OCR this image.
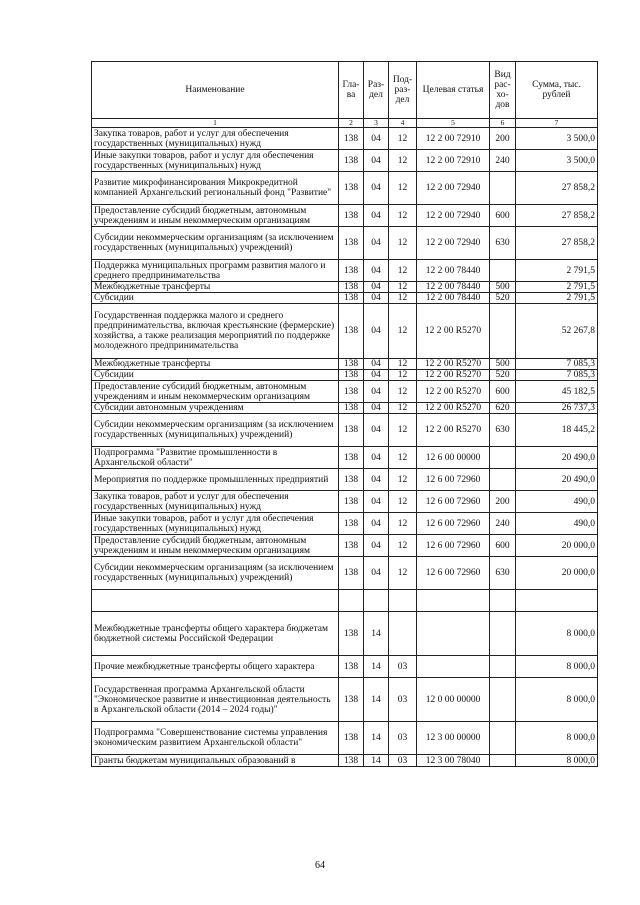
Наименование	Гла-ва	Раз-дел	Под-раз-дел	Целевая статья	Вид рас-хо-дов	Сумма, тыс. рублей
1	2	3	4	5	6	7
Закупка товаров, работ и услуг для обеспечения государственных (муниципальных) нужд	138	04	12	12 2 00 72910	200	3 500,0
Иные закупки товаров, работ и услуг для обеспечения государственных (муниципальных) нужд	138	04	12	12 2 00 72910	240	3 500,0
Развитие микрофинансирования Микрокредитной компанией Архангельский региональный фонд "Развитие"	138	04	12	12 2 00 72940		27 858,2
Предоставление субсидий бюджетным, автономным учреждениям и иным некоммерческим организациям	138	04	12	12 2 00 72940	600	27 858,2
Субсидии некоммерческим организациям (за исключением государственных (муниципальных) учреждений)	138	04	12	12 2 00 72940	630	27 858,2
Поддержка муниципальных программ развития малого и среднего предпринимательства	138	04	12	12 2 00 78440		2 791,5
Межбюджетные трансферты	138	04	12	12 2 00 78440	500	2 791,5
Субсидии	138	04	12	12 2 00 78440	520	2 791,5
Государственная поддержка малого и среднего предпринимательства, включая крестьянские (фермерские) хозяйства, а также реализация мероприятий по поддержке молодежного предпринимательства	138	04	12	12 2 00 R5270		52 267,8
Межбюджетные трансферты	138	04	12	12 2 00 R5270	500	7 085,3
Субсидии	138	04	12	12 2 00 R5270	520	7 085,3
Предоставление субсидий бюджетным, автономным учреждениям и иным некоммерческим организациям	138	04	12	12 2 00 R5270	600	45 182,5
Субсидии автономным учреждениям	138	04	12	12 2 00 R5270	620	26 737,3
Субсидии некоммерческим организациям (за исключением государственных (муниципальных) учреждений)	138	04	12	12 2 00 R5270	630	18 445,2
Подпрограмма "Развитие промышленности в Архангельской области"	138	04	12	12 6 00 00000		20 490,0
Мероприятия по поддержке промышленных предприятий	138	04	12	12 6 00 72960		20 490,0
Закупка товаров, работ и услуг для обеспечения государственных (муниципальных) нужд	138	04	12	12 6 00 72960	200	490,0
Иные закупки товаров, работ и услуг для обеспечения государственных (муниципальных) нужд	138	04	12	12 6 00 72960	240	490,0
Предоставление субсидий бюджетным, автономным учреждениям и иным некоммерческим организациям	138	04	12	12 6 00 72960	600	20 000,0
Субсидии некоммерческим организациям (за исключением государственных (муниципальных) учреждений)	138	04	12	12 6 00 72960	630	20 000,0

Межбюджетные трансферты общего характера бюджетам бюджетной системы Российской Федерации	138	14				8 000,0
Прочие межбюджетные трансферты общего характера	138	14	03			8 000,0
Государственная программа Архангельской области "Экономическое развитие и инвестиционная деятельность в Архангельской области (2014 – 2024 годы)"	138	14	03	12 0 00 00000		8 000,0
Подпрограмма "Совершенствование системы управления экономическим развитием Архангельской области"	138	14	03	12 3 00 00000		8 000,0
Гранты бюджетам муниципальных образований в	138	14	03	12 3 00 78040		8 000,0
64
